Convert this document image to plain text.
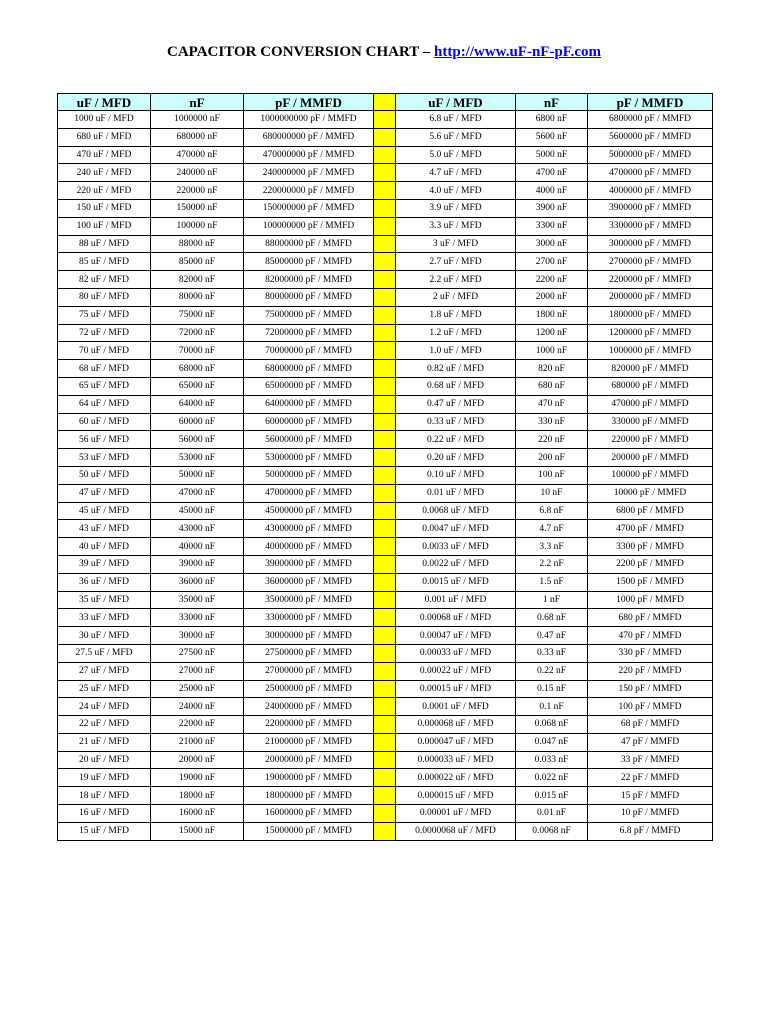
CAPACITOR CONVERSION CHART – http://www.uF-nF-pF.com
uF / MFD	nF	pF / MMFD		uF / MFD	nF	pF / MMFD
1000 uF / MFD	1000000 nF	1000000000 pF / MMFD		6.8 uF / MFD	6800 nF	6800000 pF / MMFD
680 uF / MFD	680000 nF	680000000 pF / MMFD		5.6 uF / MFD	5600 nF	5600000 pF / MMFD
470 uF / MFD	470000 nF	470000000 pF / MMFD		5.0 uF / MFD	5000 nF	5000000 pF / MMFD
240 uF / MFD	240000 nF	240000000 pF / MMFD		4.7 uF / MFD	4700 nF	4700000 pF / MMFD
220 uF / MFD	220000 nF	220000000 pF / MMFD		4.0 uF / MFD	4000 nF	4000000 pF / MMFD
150 uF / MFD	150000 nF	150000000 pF / MMFD		3.9 uF / MFD	3900 nF	3900000 pF / MMFD
100 uF / MFD	100000 nF	100000000 pF / MMFD		3.3 uF / MFD	3300 nF	3300000 pF / MMFD
88 uF / MFD	88000 nF	88000000 pF / MMFD		3 uF / MFD	3000 nF	3000000 pF / MMFD
85 uF / MFD	85000 nF	85000000 pF / MMFD		2.7 uF / MFD	2700 nF	2700000 pF / MMFD
82 uF / MFD	82000 nF	82000000 pF / MMFD		2.2 uF / MFD	2200 nF	2200000 pF / MMFD
80 uF / MFD	80000 nF	80000000 pF / MMFD		2 uF / MFD	2000 nF	2000000 pF / MMFD
75 uF / MFD	75000 nF	75000000 pF / MMFD		1.8 uF / MFD	1800 nF	1800000 pF / MMFD
72 uF / MFD	72000 nF	72000000 pF / MMFD		1.2 uF / MFD	1200 nF	1200000 pF / MMFD
70 uF / MFD	70000 nF	70000000 pF / MMFD		1.0 uF / MFD	1000 nF	1000000 pF / MMFD
68 uF / MFD	68000 nF	68000000 pF / MMFD		0.82 uF / MFD	820 nF	820000 pF / MMFD
65 uF / MFD	65000 nF	65000000 pF / MMFD		0.68 uF / MFD	680 nF	680000 pF / MMFD
64 uF / MFD	64000 nF	64000000 pF / MMFD		0.47 uF / MFD	470 nF	470000 pF / MMFD
60 uF / MFD	60000 nF	60000000 pF / MMFD		0.33 uF / MFD	330 nF	330000 pF / MMFD
56 uF / MFD	56000 nF	56000000 pF / MMFD		0.22 uF / MFD	220 nF	220000 pF / MMFD
53 uF / MFD	53000 nF	53000000 pF / MMFD		0.20 uF / MFD	200 nF	200000 pF / MMFD
50 uF / MFD	50000 nF	50000000 pF / MMFD		0.10 uF / MFD	100 nF	100000 pF / MMFD
47 uF / MFD	47000 nF	47000000 pF / MMFD		0.01 uF / MFD	10 nF	10000 pF / MMFD
45 uF / MFD	45000 nF	45000000 pF / MMFD		0.0068 uF / MFD	6.8 nF	6800 pF / MMFD
43 uF / MFD	43000 nF	43000000 pF / MMFD		0.0047 uF / MFD	4.7 nF	4700 pF / MMFD
40 uF / MFD	40000 nF	40000000 pF / MMFD		0.0033 uF / MFD	3.3 nF	3300 pF / MMFD
39 uF / MFD	39000 nF	39000000 pF / MMFD		0.0022 uF / MFD	2.2 nF	2200 pF / MMFD
36 uF / MFD	36000 nF	36000000 pF / MMFD		0.0015 uF / MFD	1.5 nF	1500 pF / MMFD
35 uF / MFD	35000 nF	35000000 pF / MMFD		0.001 uF / MFD	1 nF	1000 pF / MMFD
33 uF / MFD	33000 nF	33000000 pF / MMFD		0.00068 uF / MFD	0.68 nF	680 pF / MMFD
30 uF / MFD	30000 nF	30000000 pF / MMFD		0.00047 uF / MFD	0.47 nF	470 pF / MMFD
27.5 uF / MFD	27500 nF	27500000 pF / MMFD		0.00033 uF / MFD	0.33 nF	330 pF / MMFD
27 uF / MFD	27000 nF	27000000 pF / MMFD		0.00022 uF / MFD	0.22 nF	220 pF / MMFD
25 uF / MFD	25000 nF	25000000 pF / MMFD		0.00015 uF / MFD	0.15 nF	150 pF / MMFD
24 uF / MFD	24000 nF	24000000 pF / MMFD		0.0001 uF / MFD	0.1 nF	100 pF / MMFD
22 uF / MFD	22000 nF	22000000 pF / MMFD		0.000068 uF / MFD	0.068 nF	68 pF / MMFD
21 uF / MFD	21000 nF	21000000 pF / MMFD		0.000047 uF / MFD	0.047 nF	47 pF / MMFD
20 uF / MFD	20000 nF	20000000 pF / MMFD		0.000033 uF / MFD	0.033 nF	33 pF / MMFD
19 uF / MFD	19000 nF	19000000 pF / MMFD		0.000022 uF / MFD	0.022 nF	22 pF / MMFD
18 uF / MFD	18000 nF	18000000 pF / MMFD		0.000015 uF / MFD	0.015 nF	15 pF / MMFD
16 uF / MFD	16000 nF	16000000 pF / MMFD		0.00001 uF / MFD	0.01 nF	10 pF / MMFD
15 uF / MFD	15000 nF	15000000 pF / MMFD		0.0000068 uF / MFD	0.0068 nF	6.8 pF / MMFD
